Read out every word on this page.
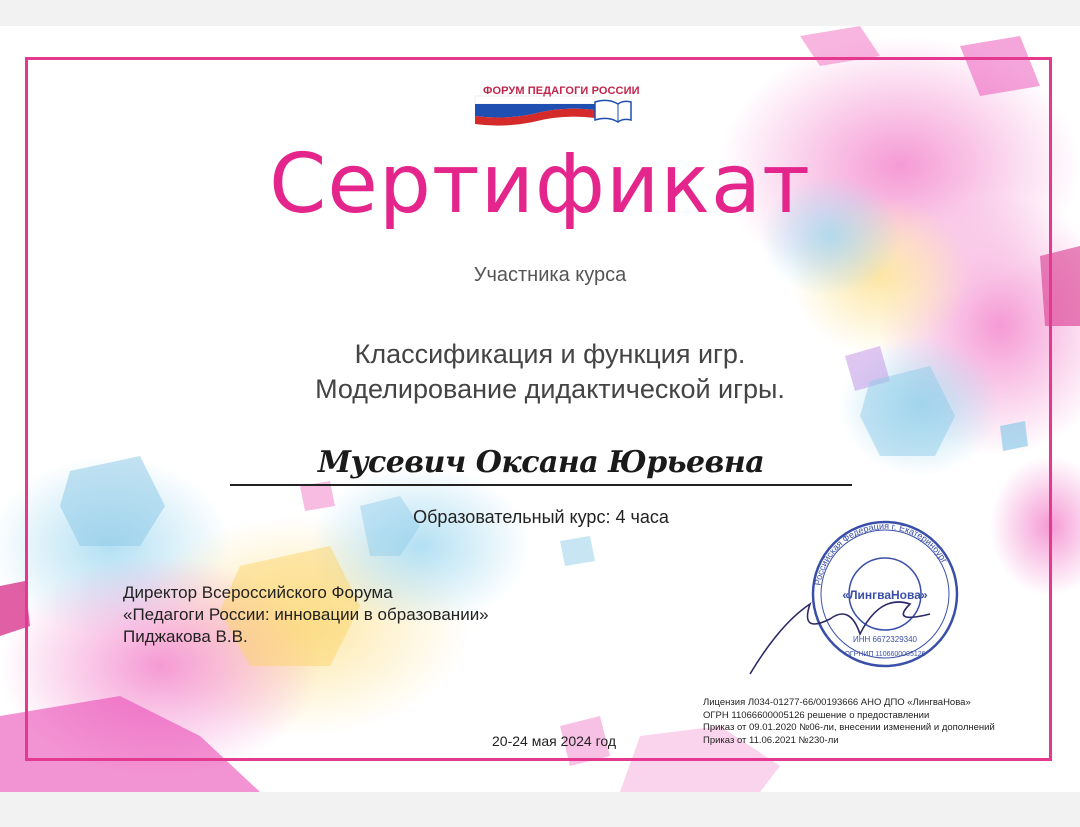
ФОРУМ ПЕДАГОГИ РОССИИ
Сертификат
Участника курса
Классификация и функция игр.
Моделирование дидактической игры.
Мусевич Оксана Юрьевна
Образовательный курс: 4 часа
Директор Всероссийского Форума
«Педагоги России: инновации в образовании»
Пиджакова В.В.
«ЛингваНова»
Российская Федерация г. Екатеринбург
ИНН 6672329340
ОГРНИП 1106600005126
20-24 мая 2024 год
Лицензия Л034-01277-66/00193666 АНО ДПО «ЛингваНова»
ОГРН 11066600005126 решение о предоставлении
Приказ от 09.01.2020 №06-ли, внесении изменений и дополнений
Приказ от 11.06.2021 №230-ли
